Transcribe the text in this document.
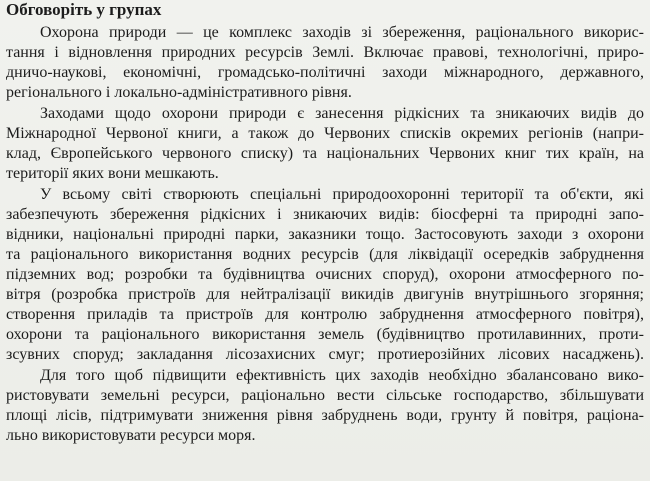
Обговоріть у групах
Охорона природи — це комплекс заходів зі збереження, раціонального викорис-
тання і відновлення природних ресурсів Землі. Включає правові, технологічні, приро-
дничо-наукові, економічні, громадсько-політичні заходи міжнародного, державного,
регіонального і локально-адміністративного рівня.
Заходами щодо охорони природи є занесення рідкісних та зникаючих видів до
Міжнародної Червоної книги, а також до Червоних списків окремих регіонів (напри-
клад, Європейського червоного списку) та національних Червоних книг тих країн, на
території яких вони мешкають.
У всьому світі створюють спеціальні природоохоронні території та об'єкти, які
забезпечують збереження рідкісних і зникаючих видів: біосферні та природні запо-
відники, національні природні парки, заказники тощо. Застосовують заходи з охорони
та раціонального використання водних ресурсів (для ліквідації осередків забруднення
підземних вод; розробки та будівництва очисних споруд), охорони атмосферного по-
вітря (розробка пристроїв для нейтралізації викидів двигунів внутрішнього згоряння;
створення приладів та пристроїв для контролю забруднення атмосферного повітря),
охорони та раціонального використання земель (будівництво протилавинних, проти-
зсувних споруд; закладання лісозахисних смуг; протиерозійних лісових насаджень).
Для того щоб підвищити ефективність цих заходів необхідно збалансовано вико-
ристовувати земельні ресурси, раціонально вести сільське господарство, збільшувати
площі лісів, підтримувати зниження рівня забруднень води, грунту й повітря, раціона-
льно використовувати ресурси моря.
